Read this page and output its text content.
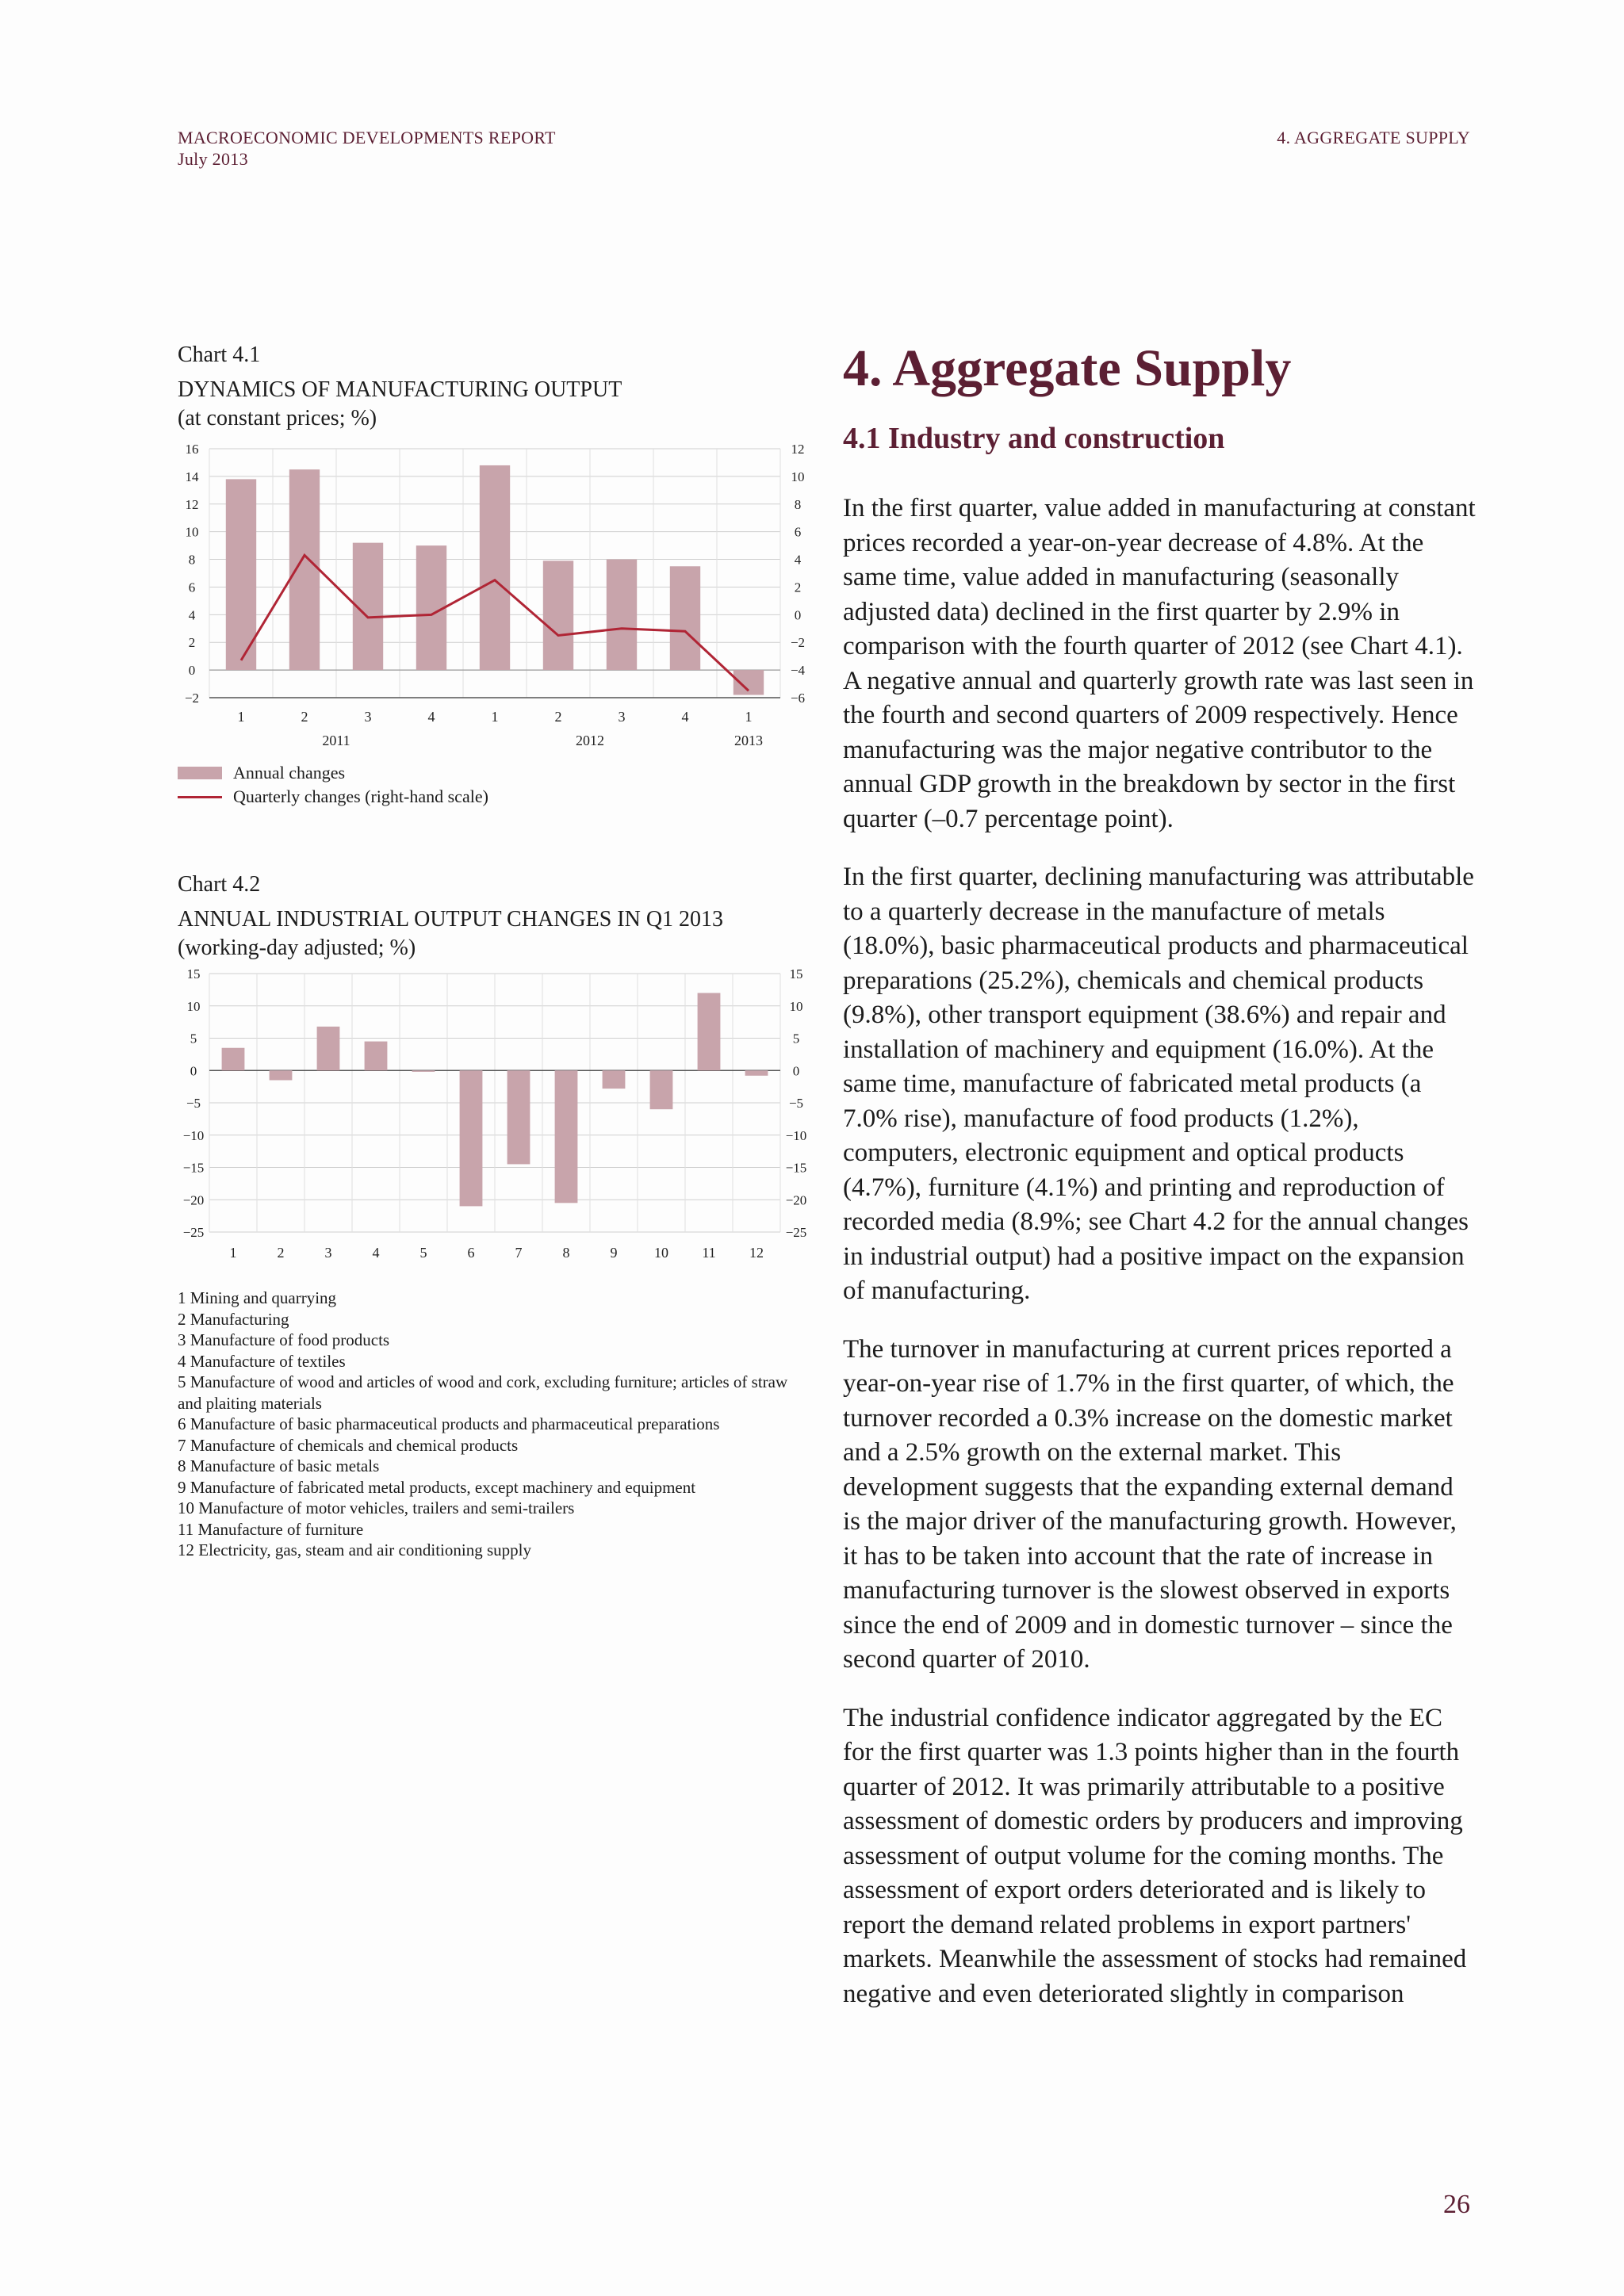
MACROECONOMIC DEVELOPMENTS REPORT
July 2013
4. AGGREGATE SUPPLY
Chart 4.1
DYNAMICS OF MANUFACTURING OUTPUT
(at constant prices; %)
16	12
14	10
12	8
10	6
8	4
6	2
4	0
2	−2
0	−4
−2	−6
1	2	3	4	1	2	3	4	1
2011	2012	2013
Annual changes
Quarterly changes (right-hand scale)
Chart 4.2
ANNUAL INDUSTRIAL OUTPUT CHANGES IN Q1 2013
(working-day adjusted; %)
15	15
10	10
5	5
0	0
−5	−5
−10	−10
−15	−15
−20	−20
−25	−25
1	2	3	4	5	6	7	8	9	10 11 12
1 Mining and quarrying
2 Manufacturing
3 Manufacture of food products
4 Manufacture of textiles
5 Manufacture of wood and articles of wood and cork, excluding furniture; articles of straw and plaiting materials
6 Manufacture of basic pharmaceutical products and pharmaceutical preparations
7 Manufacture of chemicals and chemical products
8 Manufacture of basic metals
9 Manufacture of fabricated metal products, except machinery and equipment
10 Manufacture of motor vehicles, trailers and semi-trailers
11 Manufacture of furniture
12 Electricity, gas, steam and air conditioning supply
4. Aggregate Supply
4.1 Industry and construction

In the first quarter, value added in manufacturing at constant prices recorded a year-on-year decrease of 4.8%. At the same time, value added in manufacturing (seasonally adjusted data) declined in the first quarter by 2.9% in comparison with the fourth quarter of 2012 (see Chart 4.1). A negative annual and quarterly growth rate was last seen in the fourth and second quarters of 2009 respectively. Hence manufacturing was the major negative contributor to the annual GDP growth in the breakdown by sector in the first quarter (–0.7 percentage point).

In the first quarter, declining manufacturing was attributable to a quarterly decrease in the manufacture of metals (18.0%), basic pharmaceutical products and pharmaceutical preparations (25.2%), chemicals and chemical products (9.8%), other transport equipment (38.6%) and repair and installation of machinery and equipment (16.0%). At the same time, manufacture of fabricated metal products (a 7.0% rise), manufacture of food products (1.2%), computers, electronic equipment and optical products (4.7%), furniture (4.1%) and printing and reproduction of recorded media (8.9%; see Chart 4.2 for the annual changes in industrial output) had a positive impact on the expansion of manufacturing.

The turnover in manufacturing at current prices reported a year-on-year rise of 1.7% in the first quarter, of which, the turnover recorded a 0.3% increase on the domestic market and a 2.5% growth on the external market. This development suggests that the expanding external demand is the major driver of the manufacturing growth. However, it has to be taken into account that the rate of increase in manufacturing turnover is the slowest observed in exports since the end of 2009 and in domestic turnover – since the second quarter of 2010.

The industrial confidence indicator aggregated by the EC for the first quarter was 1.3 points higher than in the fourth quarter of 2012. It was primarily attributable to a positive assessment of domestic orders by producers and improving assessment of output volume for the coming months. The assessment of export orders deteriorated and is likely to report the demand related problems in export partners' markets. Meanwhile the assessment of stocks had remained negative and even deteriorated slightly in comparison

26
